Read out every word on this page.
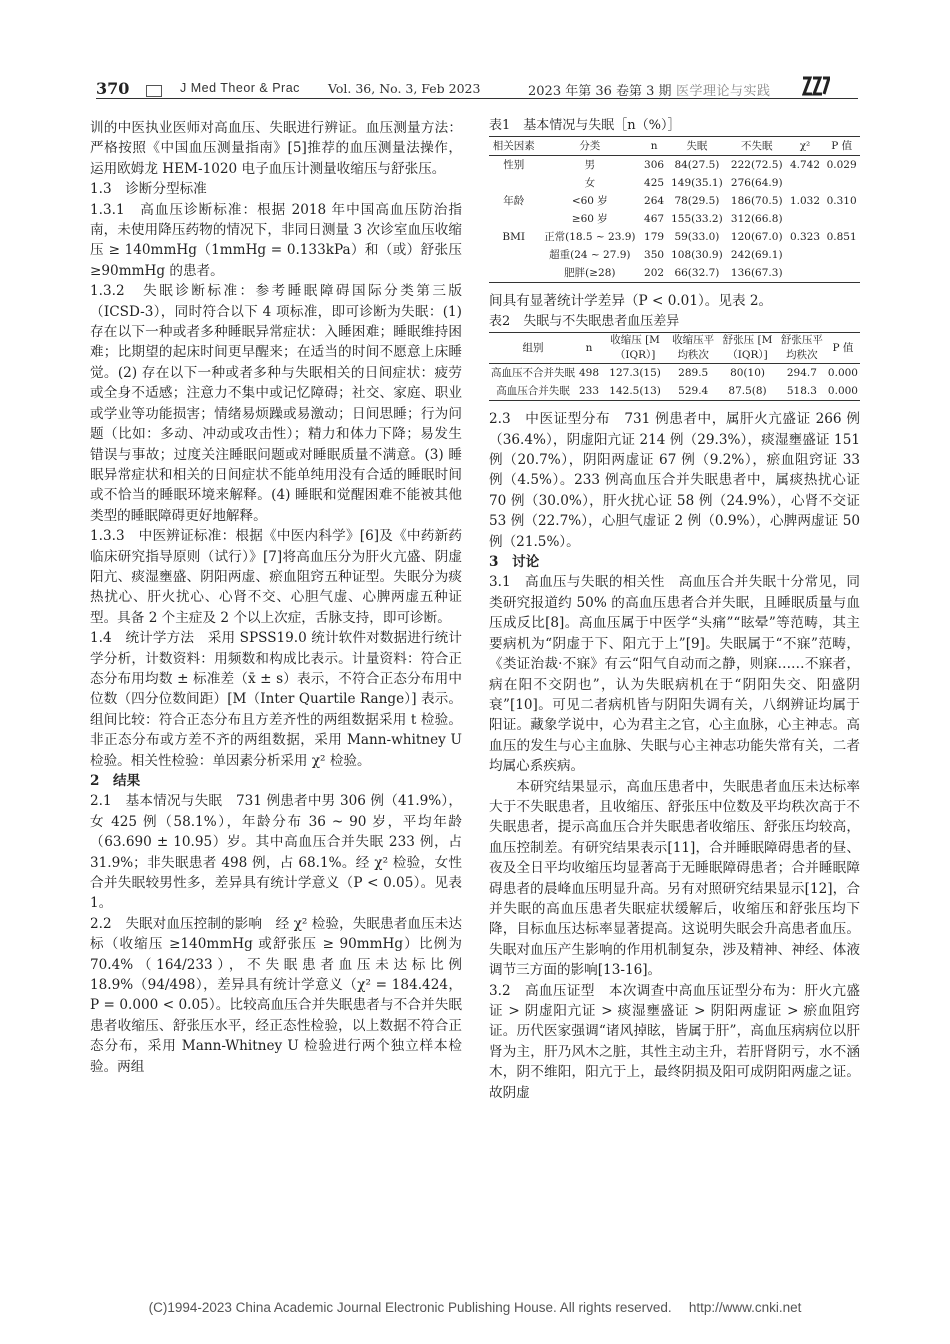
370	J Med Theor & Prac Vol. 36, No. 3, Feb 2023	2023 年第 36 卷第 3 期 医学理论与实践

训的中医执业医师对高血压、失眠进行辨证。血压测量方法：严格按照《中国血压测量指南》[5]推荐的血压测量法操作，运用欧姆龙 HEM-1020 电子血压计测量收缩压与舒张压。

1.3　诊断分型标准

1.3.1　高血压诊断标准：根据 2018 年中国高血压防治指南，未使用降压药物的情况下，非同日测量 3 次诊室血压收缩压 ≥ 140mmHg（1mmHg = 0.133kPa）和（或）舒张压≥90mmHg 的患者。

1.3.2　失眠诊断标准：参考睡眠障碍国际分类第三版（ICSD-3），同时符合以下 4 项标准，即可诊断为失眠：(1) 存在以下一种或者多种睡眠异常症状：入睡困难；睡眠维持困难；比期望的起床时间更早醒来；在适当的时间不愿意上床睡觉。(2) 存在以下一种或者多种与失眠相关的日间症状：疲劳或全身不适感；注意力不集中或记忆障碍；社交、家庭、职业或学业等功能损害；情绪易烦躁或易激动；日间思睡；行为问题（比如：多动、冲动或攻击性）；精力和体力下降；易发生错误与事故；过度关注睡眠问题或对睡眠质量不满意。(3) 睡眠异常症状和相关的日间症状不能单纯用没有合适的睡眠时间或不恰当的睡眠环境来解释。(4) 睡眠和觉醒困难不能被其他类型的睡眠障碍更好地解释。

1.3.3　中医辨证标准：根据《中医内科学》[6]及《中药新药临床研究指导原则（试行）》[7]将高血压分为肝火亢盛、阴虚阳亢、痰湿壅盛、阴阳两虚、瘀血阻窍五种证型。失眠分为痰热扰心、肝火扰心、心肾不交、心胆气虚、心脾两虚五种证型。具备 2 个主症及 2 个以上次症，舌脉支持，即可诊断。

1.4　统计学方法　采用 SPSS19.0 统计软件对数据进行统计学分析，计数资料：用频数和构成比表示。计量资料：符合正态分布用均数 ± 标准差（x̄ ± s）表示，不符合正态分布用中位数（四分位数间距）[M（Inter Quartile Range）] 表示。组间比较：符合正态分布且方差齐性的两组数据采用 t 检验。非正态分布或方差不齐的两组数据，采用 Mann-whitney U 检验。相关性检验：单因素分析采用 χ² 检验。

2　结果

2.1　基本情况与失眠　731 例患者中男 306 例（41.9%），女 425 例（58.1%），年龄分布 36 ~ 90 岁，平均年龄（63.690 ± 10.95）岁。其中高血压合并失眠 233 例，占 31.9%；非失眠患者 498 例，占 68.1%。经 χ² 检验，女性合并失眠较男性多，差异具有统计学意义（P < 0.05）。见表 1。

2.2　失眠对血压控制的影响　经 χ² 检验，失眠患者血压未达标（收缩压 ≥140mmHg 或舒张压 ≥ 90mmHg）比例为 70.4%（164/233），不失眠患者血压未达标比例 18.9%（94/498），差异具有统计学意义（χ² = 184.424，P = 0.000 < 0.05）。比较高血压合并失眠患者与不合并失眠患者收缩压、舒张压水平，经正态性检验，以上数据不符合正态分布，采用 Mann-Whitney U 检验进行两个独立样本检验。两组

表1　基本情况与失眠［n（%）］

相关因素	分类	n	失眠	不失眠	χ²	P 值
性别	男	306	84(27.5)	222(72.5)	4.742	0.029
	女	425	149(35.1)	276(64.9)		
年龄	<60 岁	264	78(29.5)	186(70.5)	1.032	0.310
	≥60 岁	467	155(33.2)	312(66.8)		
BMI	正常(18.5 ~ 23.9)	179	59(33.0)	120(67.0)	0.323	0.851
	超重(24 ~ 27.9)	350	108(30.9)	242(69.1)		
	肥胖(≥28)	202	66(32.7)	136(67.3)		

间具有显著统计学差异（P < 0.01）。见表 2。

表2　失眠与不失眠患者血压差异

组别	n	收缩压 [M（IQR）]	收缩压平均秩次	舒张压 [M（IQR）]	舒张压平均秩次	P 值
高血压不合并失眠	498	127.3(15)	289.5	80(10)	294.7	0.000
高血压合并失眠	233	142.5(13)	529.4	87.5(8)	518.3	0.000

2.3　中医证型分布　731 例患者中，属肝火亢盛证 266 例（36.4%），阴虚阳亢证 214 例（29.3%），痰湿壅盛证 151 例（20.7%），阴阳两虚证 67 例（9.2%），瘀血阻窍证 33 例（4.5%）。233 例高血压合并失眠患者中，属痰热扰心证 70 例（30.0%），肝火扰心证 58 例（24.9%），心肾不交证 53 例（22.7%），心胆气虚证 2 例（0.9%），心脾两虚证 50 例（21.5%）。

3　讨论

3.1　高血压与失眠的相关性　高血压合并失眠十分常见，同类研究报道约 50% 的高血压患者合并失眠，且睡眠质量与血压成反比[8]。高血压属于中医学“头痛”“眩晕”等范畴，其主要病机为“阴虚于下、阳亢于上”[9]。失眠属于“不寐”范畴，《类证治裁·不寐》有云“阳气自动而之静，则寐……不寐者，病在阳不交阴也”，认为失眠病机在于“阴阳失交、阳盛阴衰”[10]。可见二者病机皆与阴阳失调有关，八纲辨证均属于阳证。藏象学说中，心为君主之官，心主血脉，心主神志。高血压的发生与心主血脉、失眠与心主神志功能失常有关，二者均属心系疾病。

本研究结果显示，高血压患者中，失眠患者血压未达标率大于不失眠患者，且收缩压、舒张压中位数及平均秩次高于不失眠患者，提示高血压合并失眠患者收缩压、舒张压均较高，血压控制差。有研究结果表示[11]，合并睡眠障碍患者的昼、夜及全日平均收缩压均显著高于无睡眠障碍患者；合并睡眠障碍患者的晨峰血压明显升高。另有对照研究结果显示[12]，合并失眠的高血压患者失眠症状缓解后，收缩压和舒张压均下降，目标血压达标率显著提高。这说明失眠会升高患者血压。失眠对血压产生影响的作用机制复杂，涉及精神、神经、体液调节三方面的影响[13-16]。

3.2　高血压证型　本次调查中高血压证型分布为：肝火亢盛证 > 阴虚阳亢证 > 痰湿壅盛证 > 阴阳两虚证 > 瘀血阻窍证。历代医家强调“诸风掉眩，皆属于肝”，高血压病病位以肝肾为主，肝乃风木之脏，其性主动主升，若肝肾阴亏，水不涵木，阴不维阳，阳亢于上，最终阴损及阳可成阴阳两虚之证。故阴虚

(C)1994-2023 China Academic Journal Electronic Publishing House. All rights reserved.　 http://www.cnki.net
